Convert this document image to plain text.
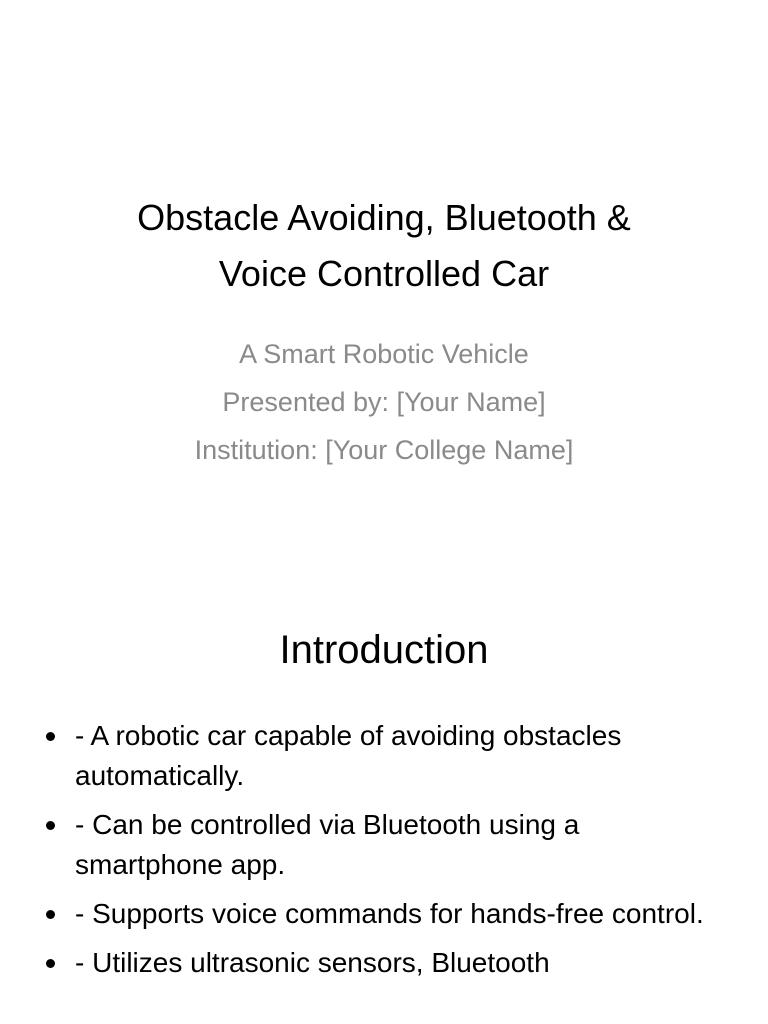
Obstacle Avoiding, Bluetooth &
Voice Controlled Car
A Smart Robotic Vehicle
Presented by: [Your Name]
Institution: [Your College Name]
Introduction
- A robotic car capable of avoiding obstacles automatically.
- Can be controlled via Bluetooth using a smartphone app.
- Supports voice commands for hands-free control.
- Utilizes ultrasonic sensors, Bluetooth
